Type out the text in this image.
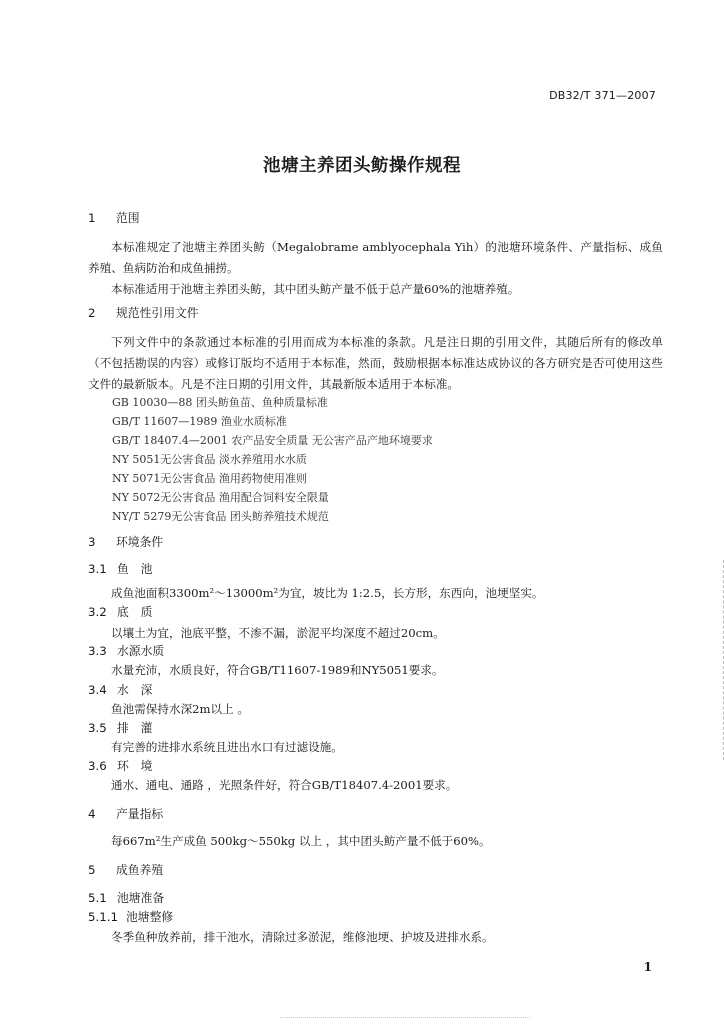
DB32/T 371—2007
池塘主养团头鲂操作规程
1 范围
本标准规定了池塘主养团头鲂（Megalobrame amblyocephala Yih）的池塘环境条件、产量指标、成鱼养殖、鱼病防治和成鱼捕捞。
本标准适用于池塘主养团头鲂，其中团头鲂产量不低于总产量60%的池塘养殖。
2 规范性引用文件
下列文件中的条款通过本标准的引用而成为本标准的条款。凡是注日期的引用文件，其随后所有的修改单（不包括勘误的内容）或修订版均不适用于本标准，然而，鼓励根据本标准达成协议的各方研究是否可使用这些文件的最新版本。凡是不注日期的引用文件，其最新版本适用于本标准。
GB 10030—88 团头鲂鱼苗、鱼种质量标准
GB/T 11607—1989 渔业水质标准
GB/T 18407.4—2001 农产品安全质量 无公害产品产地环境要求
NY 5051无公害食品 淡水养殖用水水质
NY 5071无公害食品 渔用药物使用准则
NY 5072无公害食品 渔用配合饲料安全限量
NY/T 5279无公害食品 团头鲂养殖技术规范
3 环境条件
3.1 鱼　池
成鱼池面积3300m²～13000m²为宜，坡比为 1:2.5，长方形，东西向，池埂坚实。
3.2 底　质
以壤土为宜，池底平整，不渗不漏，淤泥平均深度不超过20cm。
3.3 水源水质
水量充沛，水质良好，符合GB/T11607-1989和NY5051要求。
3.4 水　深
鱼池需保持水深2m以上 。
3.5 排　灌
有完善的进排水系统且进出水口有过滤设施。
3.6 环　境
通水、通电、通路 ，光照条件好，符合GB/T18407.4-2001要求。
4 产量指标
每667m²生产成鱼 500kg～550kg 以上 ，其中团头鲂产量不低于60%。
5 成鱼养殖
5.1 池塘准备
5.1.1 池塘整修
冬季鱼种放养前，排干池水，清除过多淤泥，维修池埂、护坡及进排水系。
1
